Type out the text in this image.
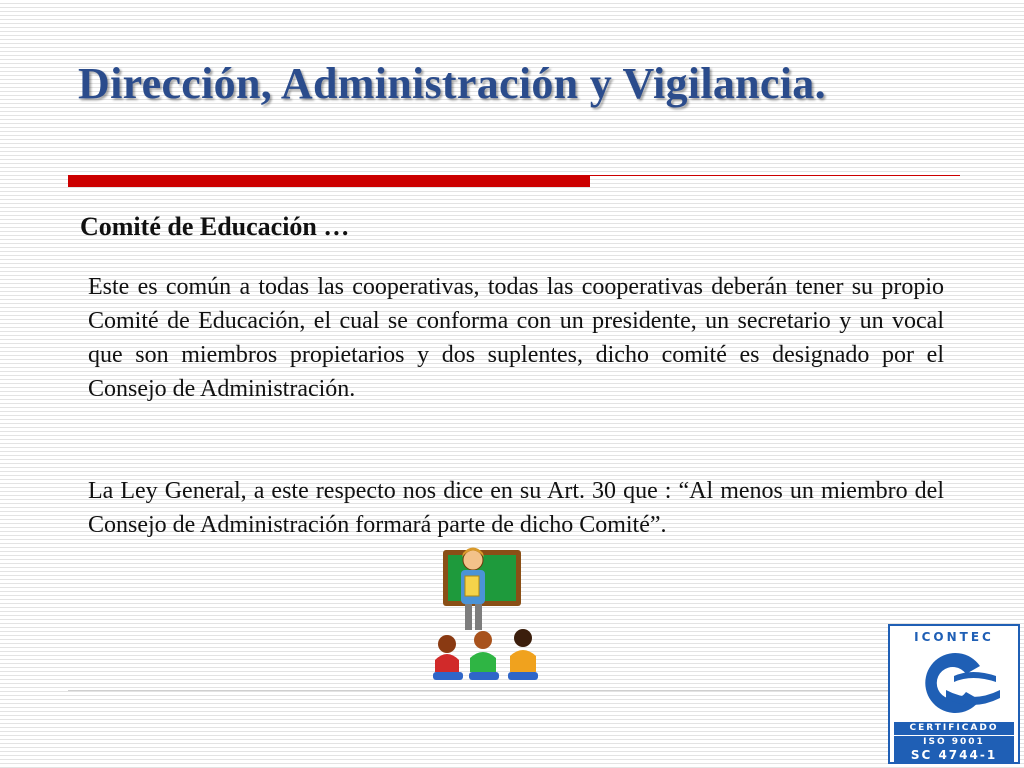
Dirección, Administración y Vigilancia.
Comité de Educación …

Este es común a todas las cooperativas, todas las cooperativas deberán tener su propio Comité de Educación, el cual se conforma con un presidente, un secretario y un vocal que son miembros propietarios y dos suplentes, dicho comité es designado por el Consejo de Administración.

La Ley General, a este respecto nos dice en su Art. 30 que : “Al menos un miembro del Consejo de Administración formará parte de dicho Comité”.

ICONTEC
CERTIFICADO
ISO 9001
SC 4744-1
